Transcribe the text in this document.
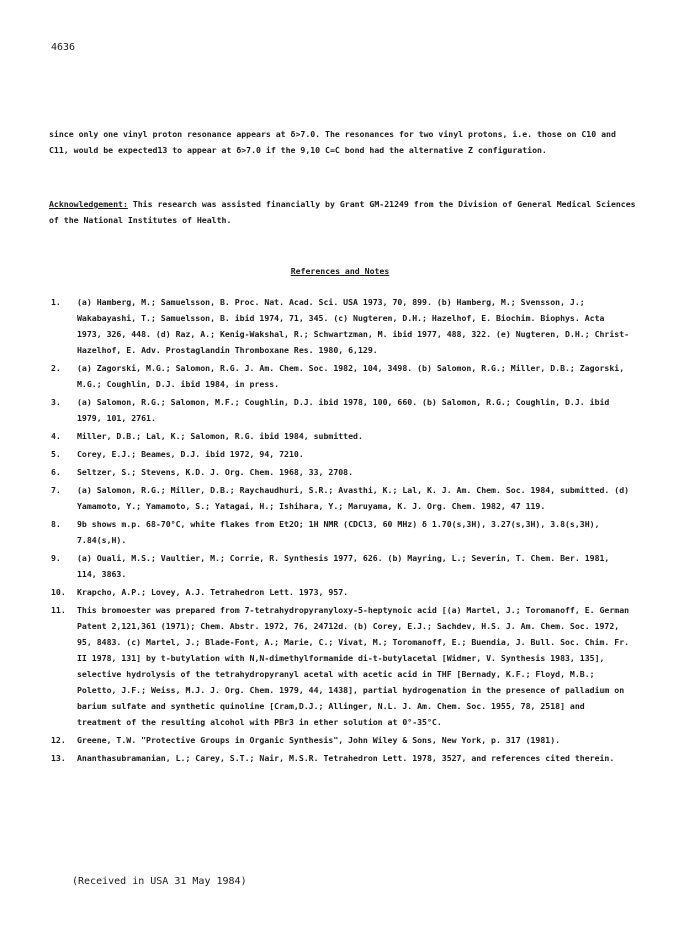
4636
since only one vinyl proton resonance appears at δ>7.0. The resonances for two vinyl protons, i.e. those on C10 and C11, would be expected13 to appear at δ>7.0 if the 9,10 C=C bond had the alternative Z configuration.
Acknowledgement: This research was assisted financially by Grant GM-21249 from the Division of General Medical Sciences of the National Institutes of Health.
References and Notes
1.	(a) Hamberg, M.; Samuelsson, B. Proc. Nat. Acad. Sci. USA 1973, 70, 899. (b) Hamberg, M.; Svensson, J.; Wakabayashi, T.; Samuelsson, B. ibid 1974, 71, 345. (c) Nugteren, D.H.; Hazelhof, E. Biochim. Biophys. Acta 1973, 326, 448. (d) Raz, A.; Kenig-Wakshal, R.; Schwartzman, M. ibid 1977, 488, 322. (e) Nugteren, D.H.; Christ-Hazelhof, E. Adv. Prostaglandin Thromboxane Res. 1980, 6,129.
2.	(a) Zagorski, M.G.; Salomon, R.G. J. Am. Chem. Soc. 1982, 104, 3498. (b) Salomon, R.G.; Miller, D.B.; Zagorski, M.G.; Coughlin, D.J. ibid 1984, in press.
3.	(a) Salomon, R.G.; Salomon, M.F.; Coughlin, D.J. ibid 1978, 100, 660. (b) Salomon, R.G.; Coughlin, D.J. ibid 1979, 101, 2761.
4.	Miller, D.B.; Lal, K.; Salomon, R.G. ibid 1984, submitted.
5.	Corey, E.J.; Beames, D.J. ibid 1972, 94, 7210.
6.	Seltzer, S.; Stevens, K.D. J. Org. Chem. 1968, 33, 2708.
7.	(a) Salomon, R.G.; Miller, D.B.; Raychaudhuri, S.R.; Avasthi, K.; Lal, K. J. Am. Chem. Soc. 1984, submitted. (d) Yamamoto, Y.; Yamamoto, S.; Yatagai, H.; Ishihara, Y.; Maruyama, K. J. Org. Chem. 1982, 47 119.
8.	9b shows m.p. 68-70°C, white flakes from Et2O; 1H NMR (CDCl3, 60 MHz) δ 1.70(s,3H), 3.27(s,3H), 3.8(s,3H), 7.84(s,H).
9.	(a) Ouali, M.S.; Vaultier, M.; Corrie, R. Synthesis 1977, 626. (b) Mayring, L.; Severin, T. Chem. Ber. 1981, 114, 3863.
10.	Krapcho, A.P.; Lovey, A.J. Tetrahedron Lett. 1973, 957.
11.	This bromoester was prepared from 7-tetrahydropyranyloxy-5-heptynoic acid [(a) Martel, J.; Toromanoff, E. German Patent 2,121,361 (1971); Chem. Abstr. 1972, 76, 24712d. (b) Corey, E.J.; Sachdev, H.S. J. Am. Chem. Soc. 1972, 95, 8483. (c) Martel, J.; Blade-Font, A.; Marie, C.; Vivat, M.; Toromanoff, E.; Buendia, J. Bull. Soc. Chim. Fr. II 1978, 131] by t-butylation with N,N-dimethylformamide di-t-butylacetal [Widmer, V. Synthesis 1983, 135], selective hydrolysis of the tetrahydropyranyl acetal with acetic acid in THF [Bernady, K.F.; Floyd, M.B.; Poletto, J.F.; Weiss, M.J. J. Org. Chem. 1979, 44, 1438], partial hydrogenation in the presence of palladium on barium sulfate and synthetic quinoline [Cram,D.J.; Allinger, N.L. J. Am. Chem. Soc. 1955, 78, 2518] and treatment of the resulting alcohol with PBr3 in ether solution at 0°-35°C.
12.	Greene, T.W. "Protective Groups in Organic Synthesis", John Wiley & Sons, New York, p. 317 (1981).
13.	Ananthasubramanian, L.; Carey, S.T.; Nair, M.S.R. Tetrahedron Lett. 1978, 3527, and references cited therein.
(Received in USA 31 May 1984)
